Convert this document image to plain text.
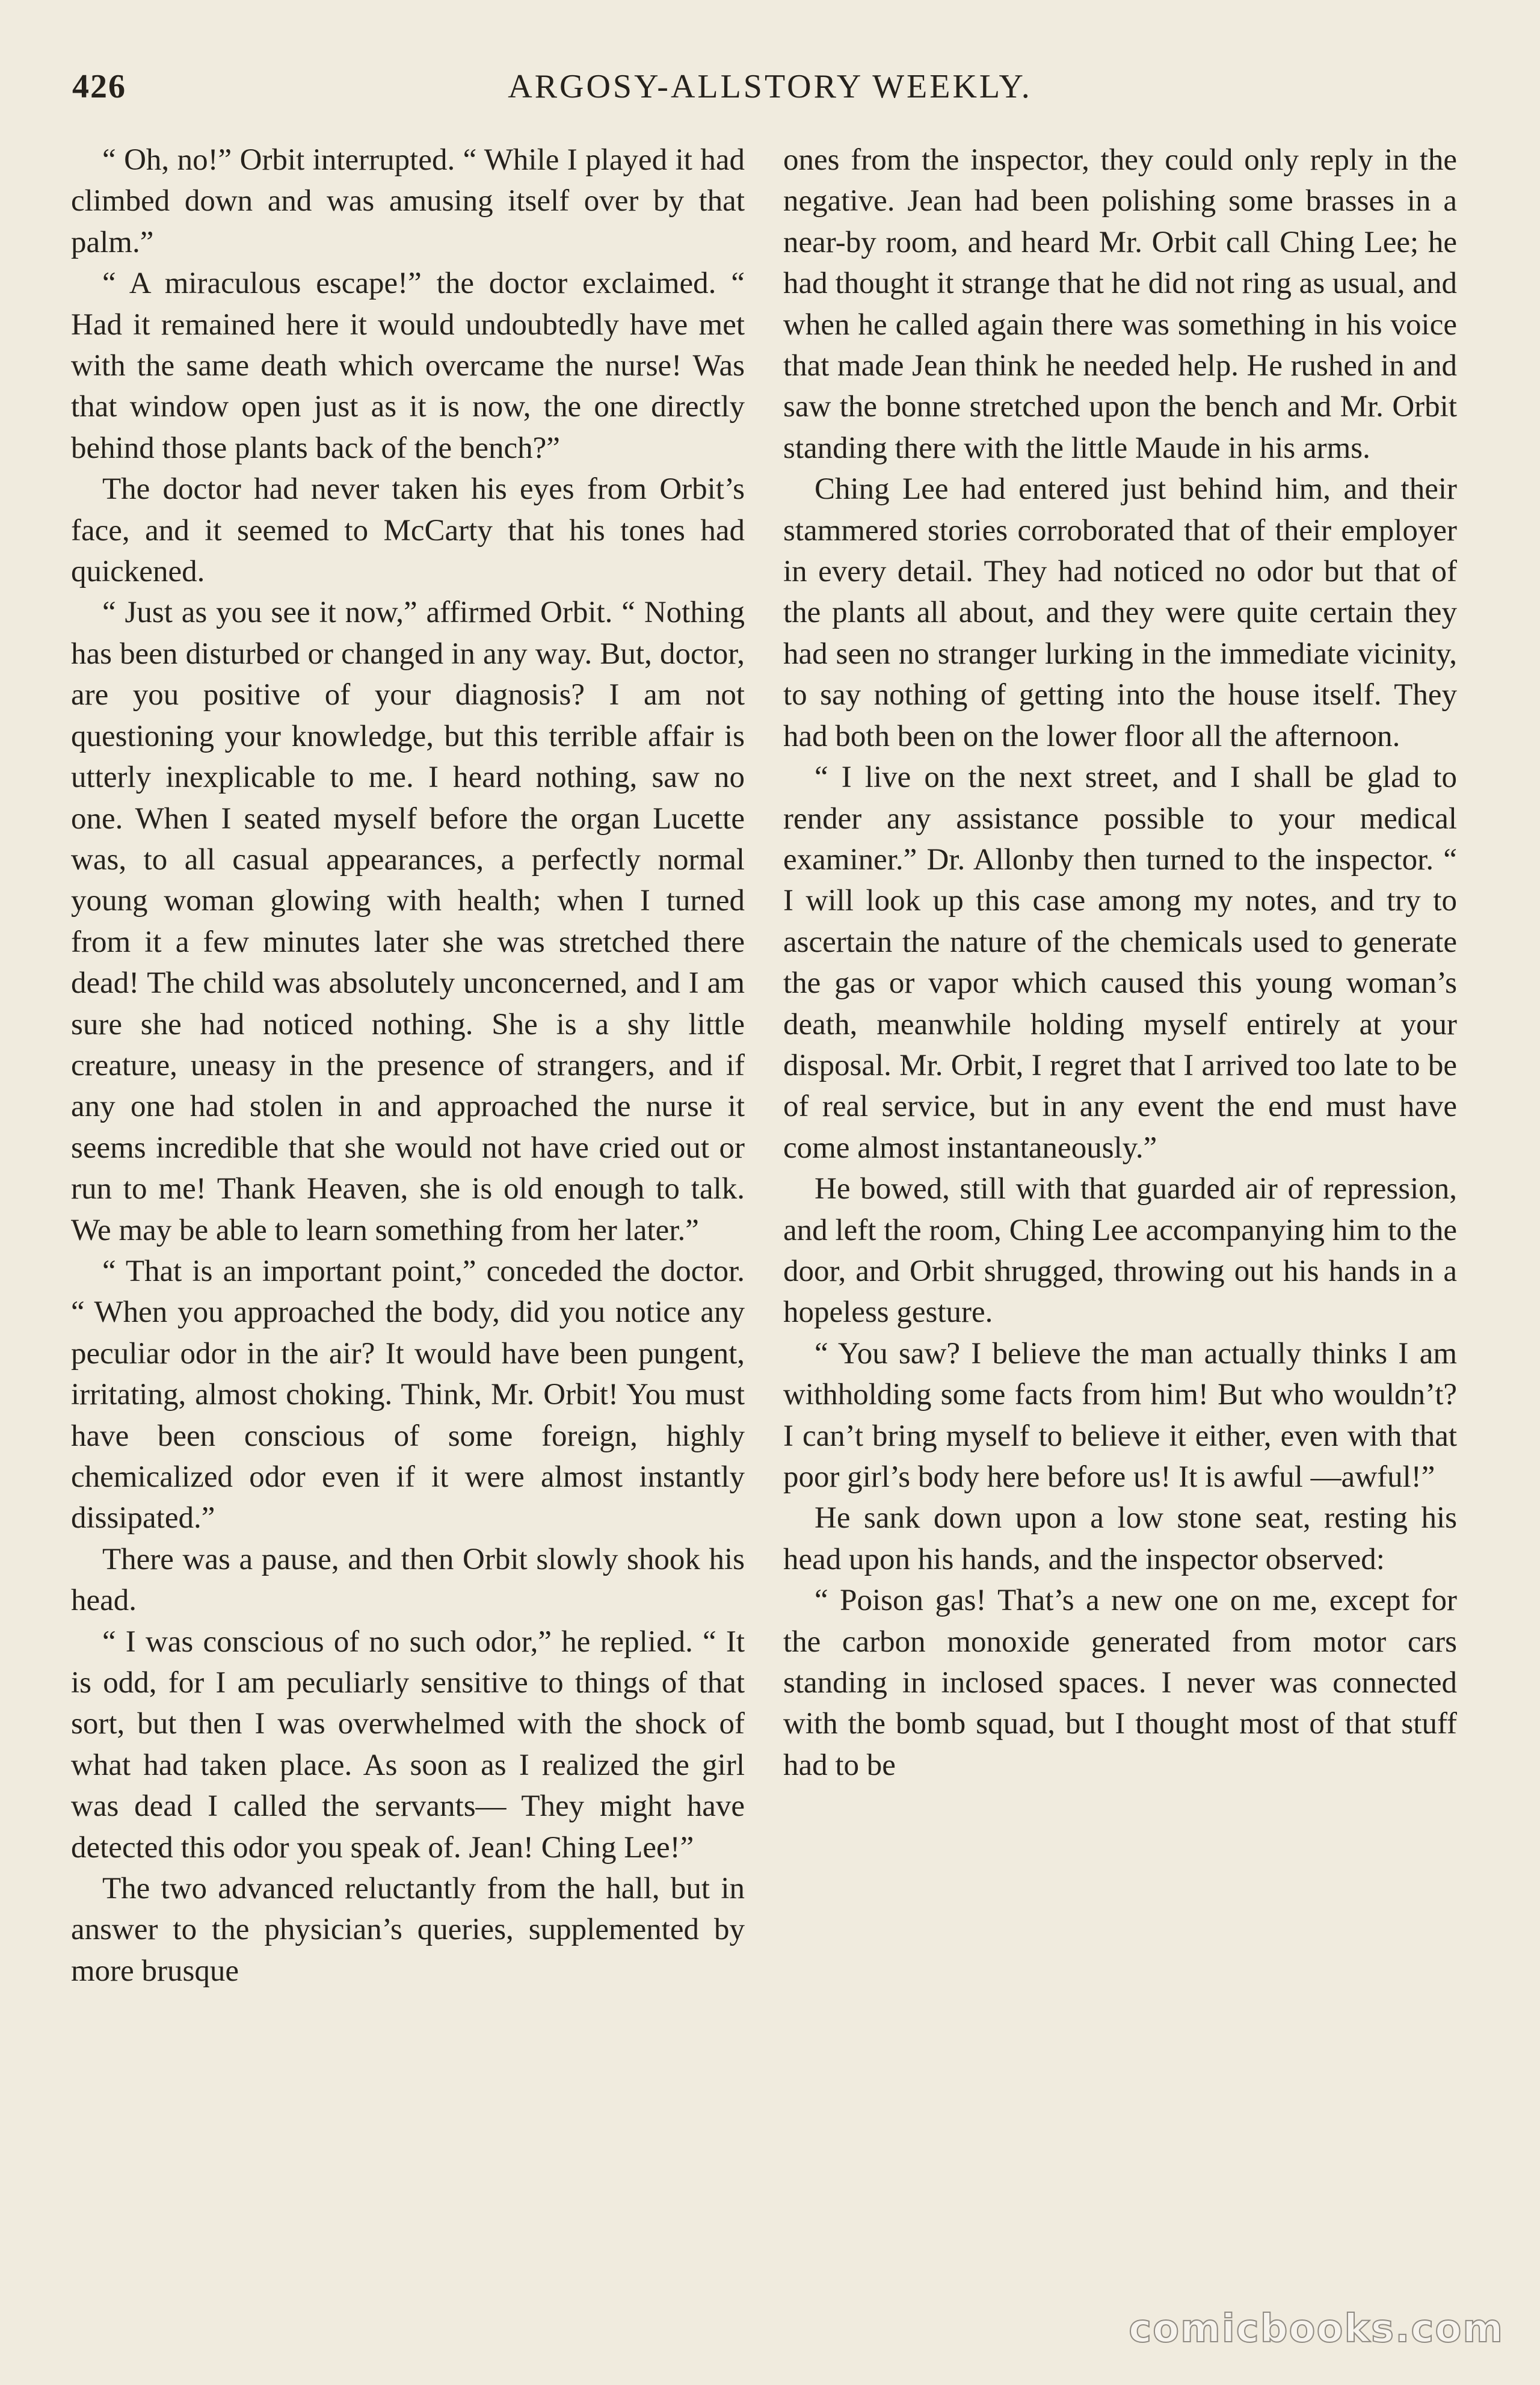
426	ARGOSY-ALLSTORY WEEKLY.

“ Oh, no!” Orbit interrupted. “ While I played it had climbed down and was amusing itself over by that palm.”

“ A miraculous escape!” the doctor exclaimed. “ Had it remained here it would undoubtedly have met with the same death which overcame the nurse! Was that window open just as it is now, the one directly behind those plants back of the bench?”

The doctor had never taken his eyes from Orbit’s face, and it seemed to McCarty that his tones had quickened.

“ Just as you see it now,” affirmed Orbit. “ Nothing has been disturbed or changed in any way. But, doctor, are you positive of your diagnosis? I am not questioning your knowledge, but this terrible affair is utterly inexplicable to me. I heard nothing, saw no one. When I seated myself before the organ Lucette was, to all casual appearances, a perfectly normal young woman glowing with health; when I turned from it a few minutes later she was stretched there dead! The child was absolutely unconcerned, and I am sure she had noticed nothing. She is a shy little creature, uneasy in the presence of strangers, and if any one had stolen in and approached the nurse it seems incredible that she would not have cried out or run to me! Thank Heaven, she is old enough to talk. We may be able to learn something from her later.”

“ That is an important point,” conceded the doctor. “ When you approached the body, did you notice any peculiar odor in the air? It would have been pungent, irritating, almost choking. Think, Mr. Orbit! You must have been conscious of some foreign, highly chemicalized odor even if it were almost instantly dissipated.”

There was a pause, and then Orbit slowly shook his head.

“ I was conscious of no such odor,” he replied. “ It is odd, for I am peculiarly sensitive to things of that sort, but then I was overwhelmed with the shock of what had taken place. As soon as I realized the girl was dead I called the servants— They might have detected this odor you speak of. Jean! Ching Lee!”

The two advanced reluctantly from the hall, but in answer to the physician’s queries, supplemented by more brusque

ones from the inspector, they could only reply in the negative. Jean had been polishing some brasses in a near-by room, and heard Mr. Orbit call Ching Lee; he had thought it strange that he did not ring as usual, and when he called again there was something in his voice that made Jean think he needed help. He rushed in and saw the bonne stretched upon the bench and Mr. Orbit standing there with the little Maude in his arms.

Ching Lee had entered just behind him, and their stammered stories corroborated that of their employer in every detail. They had noticed no odor but that of the plants all about, and they were quite certain they had seen no stranger lurking in the immediate vicinity, to say nothing of getting into the house itself. They had both been on the lower floor all the afternoon.

“ I live on the next street, and I shall be glad to render any assistance possible to your medical examiner.” Dr. Allonby then turned to the inspector. “ I will look up this case among my notes, and try to ascertain the nature of the chemicals used to generate the gas or vapor which caused this young woman’s death, meanwhile holding myself entirely at your disposal. Mr. Orbit, I regret that I arrived too late to be of real service, but in any event the end must have come almost instantaneously.”

He bowed, still with that guarded air of repression, and left the room, Ching Lee accompanying him to the door, and Orbit shrugged, throwing out his hands in a hopeless gesture.

“ You saw? I believe the man actually thinks I am withholding some facts from him! But who wouldn’t? I can’t bring myself to believe it either, even with that poor girl’s body here before us! It is awful —awful!”

He sank down upon a low stone seat, resting his head upon his hands, and the inspector observed:

“ Poison gas! That’s a new one on me, except for the carbon monoxide generated from motor cars standing in inclosed spaces. I never was connected with the bomb squad, but I thought most of that stuff had to be

comicbooks.com
